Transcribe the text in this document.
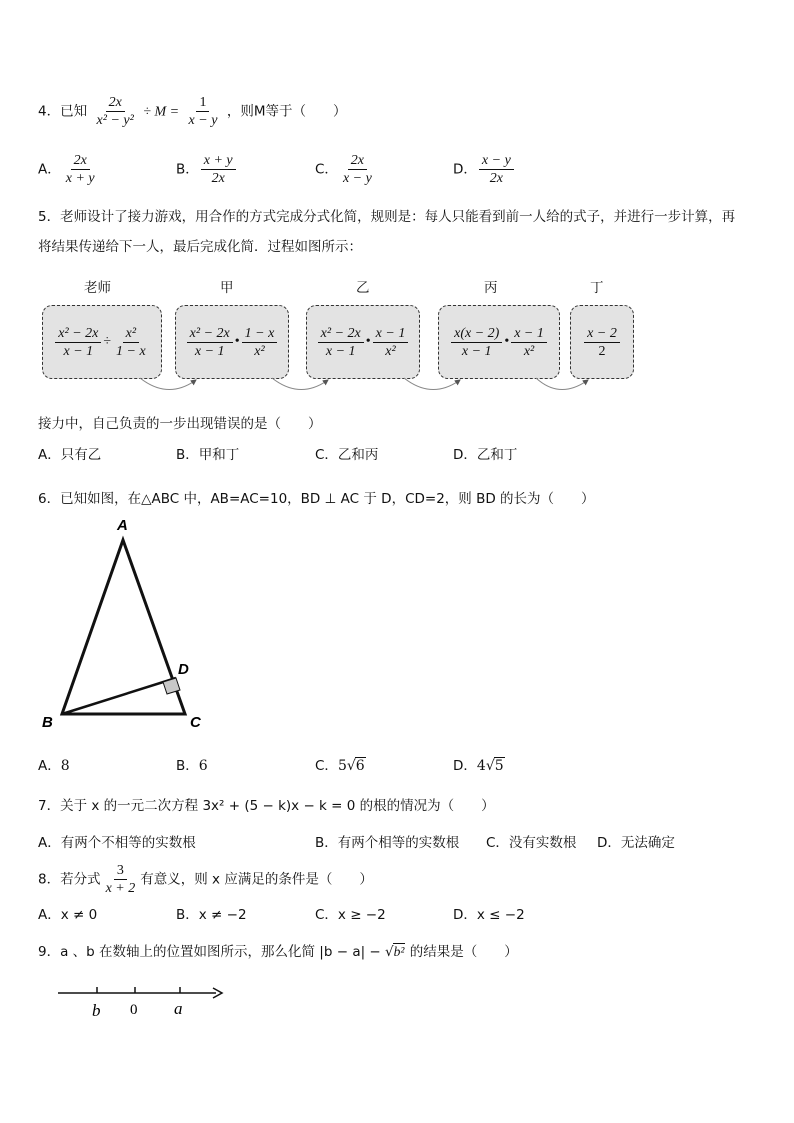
4．已知 $\frac{2x}{\text{x² − y²}} \div M = \frac{1}{x - y}$ ，则M等于（　　）
A． $\frac{2x}{x + y}$	B． $\frac{x + y}{2x}$	C． $\frac{2x}{x - y}$	D． $\frac{x - y}{2x}$
5．老师设计了接力游戏，用合作的方式完成分式化简，规则是：每人只能看到前一人给的式子，并进行一步计算，再
将结果传递给下一人，最后完成化简．过程如图所示：
老师	甲	乙	丙	丁
$\frac{\text{x² − 2x}}{x - 1} \div \frac{\text{x²}}{1 - x}$	$\frac{\text{x² − 2x}}{x - 1}$ • $\frac{1 - x}{\text{x²}}$	$\frac{\text{x² − 2x}}{x - 1}$ • $\frac{x - 1}{\text{x²}}$	$\frac{x(x - 2)}{x - 1}$ • $\frac{x - 1}{\text{x²}}$	$\frac{x - 2}{2}$
接力中，自己负责的一步出现错误的是（　　）
A．只有乙	B．甲和丁	C．乙和丙	D．乙和丁
6．已知如图，在△ABC 中，AB=AC=10，BD ⊥ AC 于 D，CD=2，则 BD 的长为（　　）
A
B	C
D
A．8	B．6	C．5√6	D．4√5
7．关于 x 的一元二次方程 3x² + (5 − k)x − k = 0 的根的情况为（　　）
A．有两个不相等的实数根	B．有两个相等的实数根 C．没有实数根 D．无法确定
8．若分式 $\frac{3}{x + 2}$ 有意义，则 x 应满足的条件是（　　）
A．x ≠ 0	B．x ≠ −2	C．x ≥ −2	D．x ≤ −2
9．a 、b 在数轴上的位置如图所示，那么化简 |b − a| − √b² 的结果是（　　）
b 0 a
